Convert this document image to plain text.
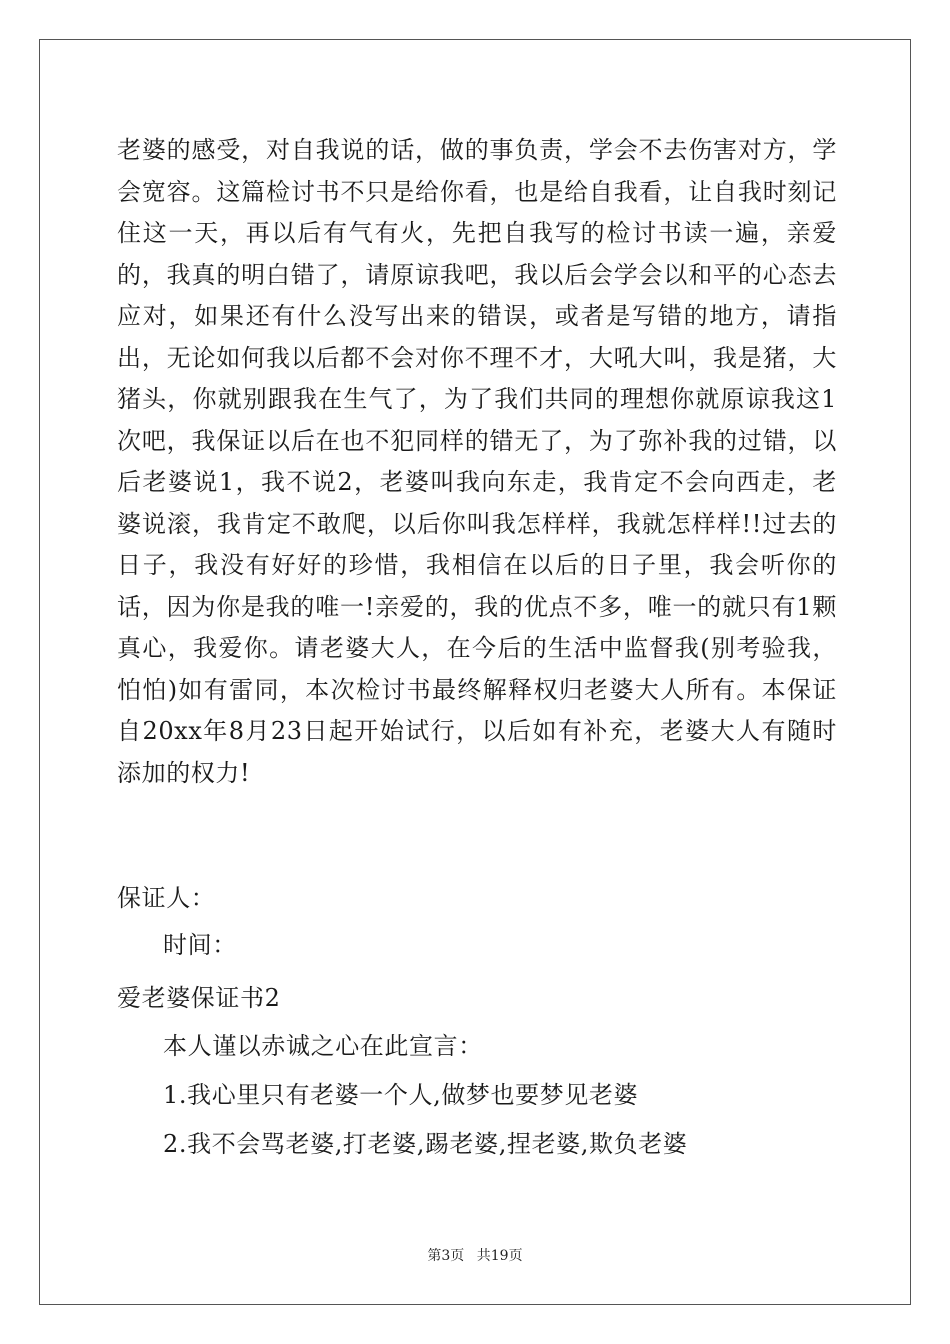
老婆的感受，对自我说的话，做的事负责，学会不去伤害对方，学会宽容。这篇检讨书不只是给你看，也是给自我看，让自我时刻记住这一天，再以后有气有火，先把自我写的检讨书读一遍，亲爱的，我真的明白错了，请原谅我吧，我以后会学会以和平的心态去应对，如果还有什么没写出来的错误，或者是写错的地方，请指出，无论如何我以后都不会对你不理不才，大吼大叫，我是猪，大猪头，你就别跟我在生气了，为了我们共同的理想你就原谅我这1次吧，我保证以后在也不犯同样的错无了，为了弥补我的过错，以后老婆说1，我不说2，老婆叫我向东走，我肯定不会向西走，老婆说滚，我肯定不敢爬，以后你叫我怎样样，我就怎样样!!过去的日子，我没有好好的珍惜，我相信在以后的日子里，我会听你的话，因为你是我的唯一!亲爱的，我的优点不多，唯一的就只有1颗真心，我爱你。请老婆大人，在今后的生活中监督我(别考验我，怕怕)如有雷同，本次检讨书最终解释权归老婆大人所有。本保证自20xx年8月23日起开始试行，以后如有补充，老婆大人有随时添加的权力!

保证人：
时间：
爱老婆保证书2
本人谨以赤诚之心在此宣言：
1.我心里只有老婆一个人,做梦也要梦见老婆
2.我不会骂老婆,打老婆,踢老婆,捏老婆,欺负老婆
第3页 共19页
